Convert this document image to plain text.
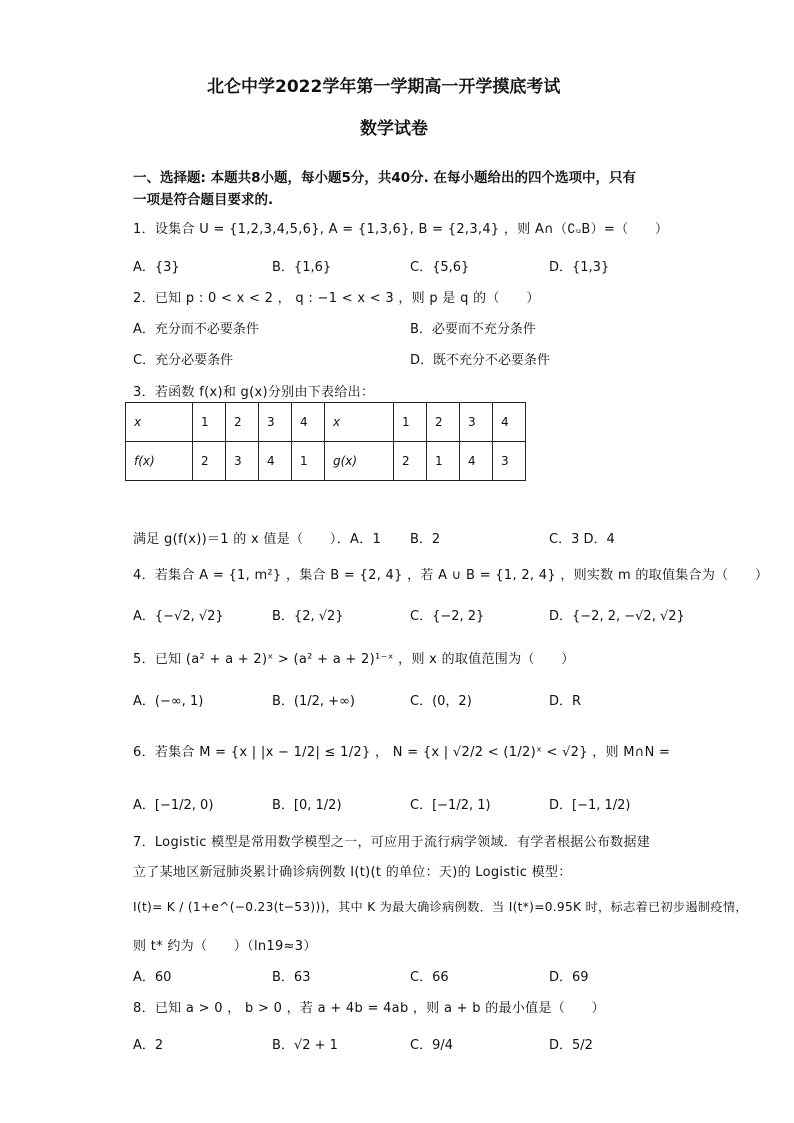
北仑中学2022学年第一学期高一开学摸底考试
数学试卷
一、选择题: 本题共8小题，每小题5分，共40分. 在每小题给出的四个选项中，只有
一项是符合题目要求的.
1．设集合 U = {1,2,3,4,5,6}, A = {1,3,6}, B = {2,3,4} ，则 A∩（∁ᵤB）=（　　）
A．{3}	B．{1,6}	C．{5,6}	D．{1,3}
2．已知 p : 0 < x < 2 ， q : −1 < x < 3 ，则 p 是 q 的（　　）
A．充分而不必要条件	B．必要而不充分条件
C．充分必要条件	D．既不充分不必要条件
3．若函数 f(x)和 g(x)分别由下表给出：
x	1	2	3	4	x	1	2	3	4
f(x)	2	3	4	1	g(x)	2	1	4	3
满足 g(f(x))＝1 的 x 值是（　　）．A．1 B．2	C．3 D．4
4．若集合 A = {1, m²} ，集合 B = {2, 4} ，若 A ∪ B = {1, 2, 4} ，则实数 m 的取值集合为（　　）
A．{−√2, √2}	B．{2, √2}	C．{−2, 2}	D．{−2, 2, −√2, √2}
5．已知 (a² + a + 2)ˣ > (a² + a + 2)¹⁻ˣ ，则 x 的取值范围为（　　）
A．(−∞, 1)	B．(1/2, +∞)	C．(0，2)	D．R
6．若集合 M = {x | |x − 1/2| ≤ 1/2} ， N = {x | √2/2 < (1/2)ˣ < √2} ，则 M∩N =
A．[−1/2, 0)	B．[0, 1/2)	C．[−1/2, 1)	D．[−1, 1/2)
7．Logistic 模型是常用数学模型之一，可应用于流行病学领域．有学者根据公布数据建
立了某地区新冠肺炎累计确诊病例数 I(t)(t 的单位：天)的 Logistic 模型：
I(t)= K / (1+e^(−0.23(t−53)))，其中 K 为最大确诊病例数．当 I(t*)=0.95K 时，标志着已初步遏制疫情，
则 t* 约为（　　）（ln19≈3）
A．60	B．63	C．66	D．69
8．已知 a > 0 ， b > 0 ，若 a + 4b = 4ab ，则 a + b 的最小值是（　　）
A．2	B．√2 + 1	C．9/4	D．5/2
